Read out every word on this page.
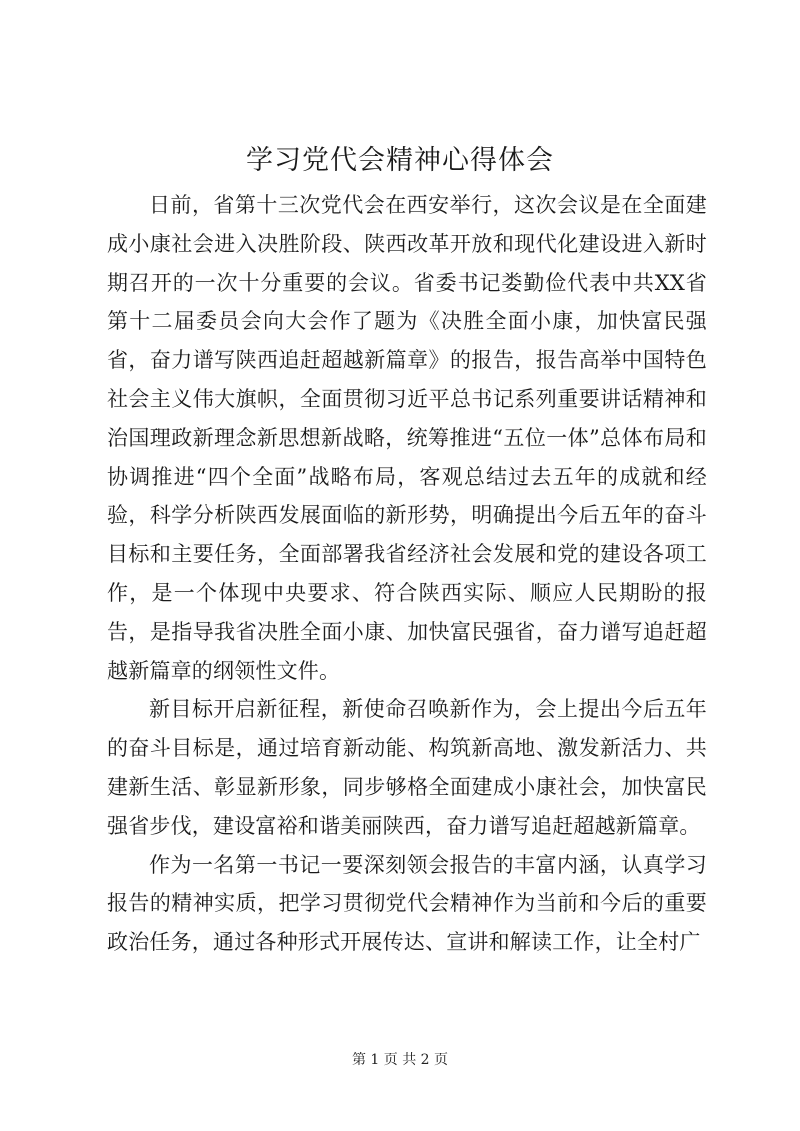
学习党代会精神心得体会

日前，省第十三次党代会在西安举行，这次会议是在全面建成小康社会进入决胜阶段、陕西改革开放和现代化建设进入新时期召开的一次十分重要的会议。省委书记娄勤俭代表中共XX省第十二届委员会向大会作了题为《决胜全面小康，加快富民强省，奋力谱写陕西追赶超越新篇章》的报告，报告高举中国特色社会主义伟大旗帜，全面贯彻习近平总书记系列重要讲话精神和治国理政新理念新思想新战略，统筹推进“五位一体”总体布局和协调推进“四个全面”战略布局，客观总结过去五年的成就和经验，科学分析陕西发展面临的新形势，明确提出今后五年的奋斗目标和主要任务，全面部署我省经济社会发展和党的建设各项工作，是一个体现中央要求、符合陕西实际、顺应人民期盼的报告，是指导我省决胜全面小康、加快富民强省，奋力谱写追赶超越新篇章的纲领性文件。

新目标开启新征程，新使命召唤新作为，会上提出今后五年的奋斗目标是，通过培育新动能、构筑新高地、激发新活力、共建新生活、彰显新形象，同步够格全面建成小康社会，加快富民强省步伐，建设富裕和谐美丽陕西，奋力谱写追赶超越新篇章。

作为一名第一书记一要深刻领会报告的丰富内涵，认真学习报告的精神实质，把学习贯彻党代会精神作为当前和今后的重要政治任务，通过各种形式开展传达、宣讲和解读工作，让全村广

第 1 页 共 2 页
